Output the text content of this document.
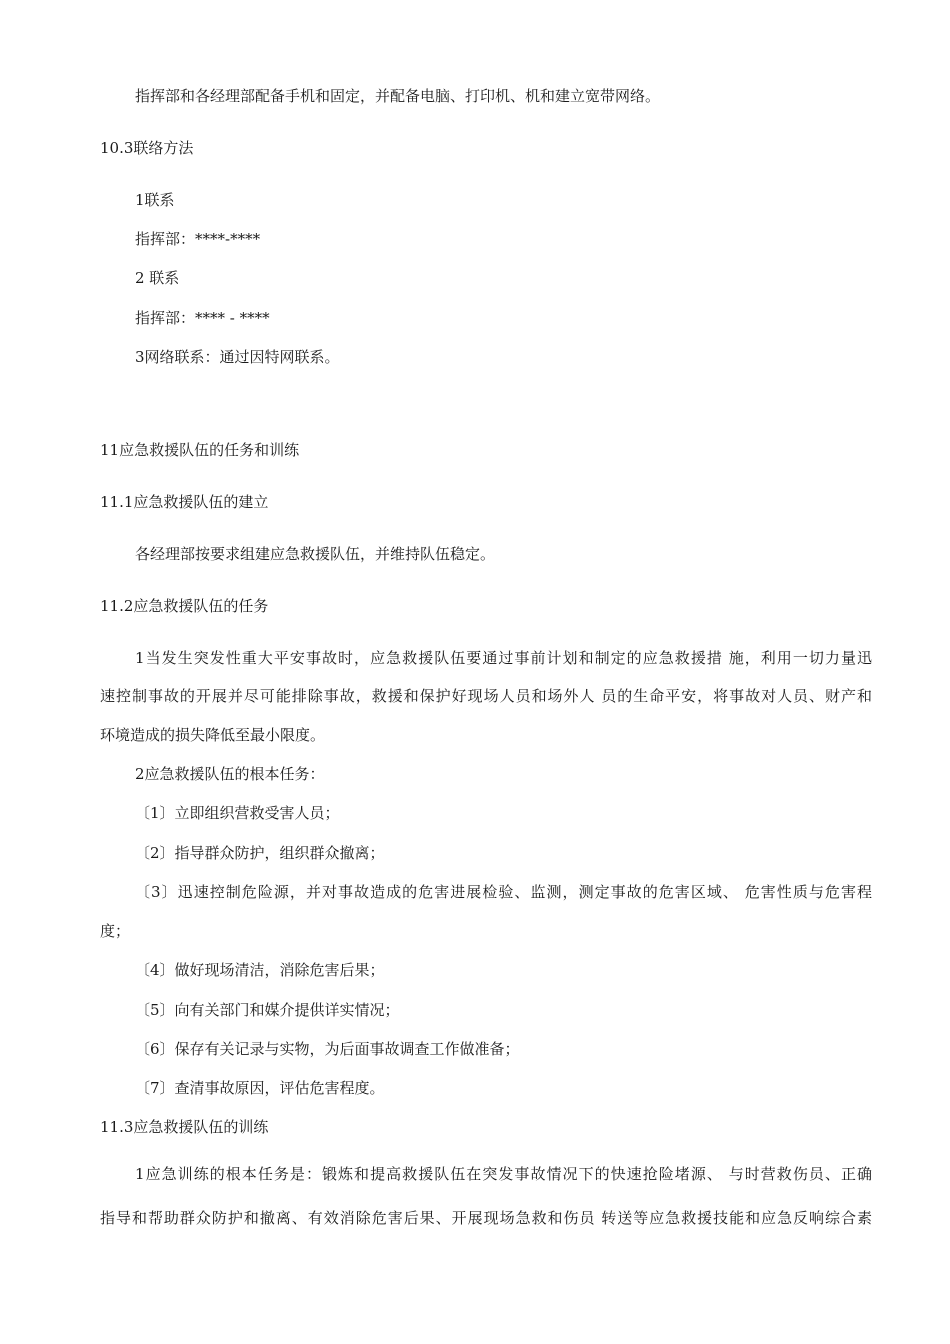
指挥部和各经理部配备手机和固定，并配备电脑、打印机、机和建立宽带网络。
10.3联络方法
1联系
指挥部：****-****
2 联系
指挥部：**** - ****
3网络联系：通过因特网联系。
11应急救援队伍的任务和训练
11.1应急救援队伍的建立
各经理部按要求组建应急救援队伍，并维持队伍稳定。
11.2应急救援队伍的任务
1当发生突发性重大平安事故时，应急救援队伍要通过事前计划和制定的应急救援措 施，利用一切力量迅
速控制事故的开展并尽可能排除事故，救援和保护好现场人员和场外人 员的生命平安，将事故对人员、财产和
环境造成的损失降低至最小限度。
2应急救援队伍的根本任务：
〔1〕立即组织营救受害人员；
〔2〕指导群众防护，组织群众撤离；
〔3〕迅速控制危险源，并对事故造成的危害进展检验、监测，测定事故的危害区域、 危害性质与危害程
度；
〔4〕做好现场清洁，消除危害后果；
〔5〕向有关部门和媒介提供详实情况；
〔6〕保存有关记录与实物，为后面事故调查工作做准备；
〔7〕查清事故原因，评估危害程度。
11.3应急救援队伍的训练
1应急训练的根本任务是：锻炼和提高救援队伍在突发事故情况下的快速抢险堵源、 与时营救伤员、正确
指导和帮助群众防护和撤离、有效消除危害后果、开展现场急救和伤员 转送等应急救援技能和应急反响综合素
